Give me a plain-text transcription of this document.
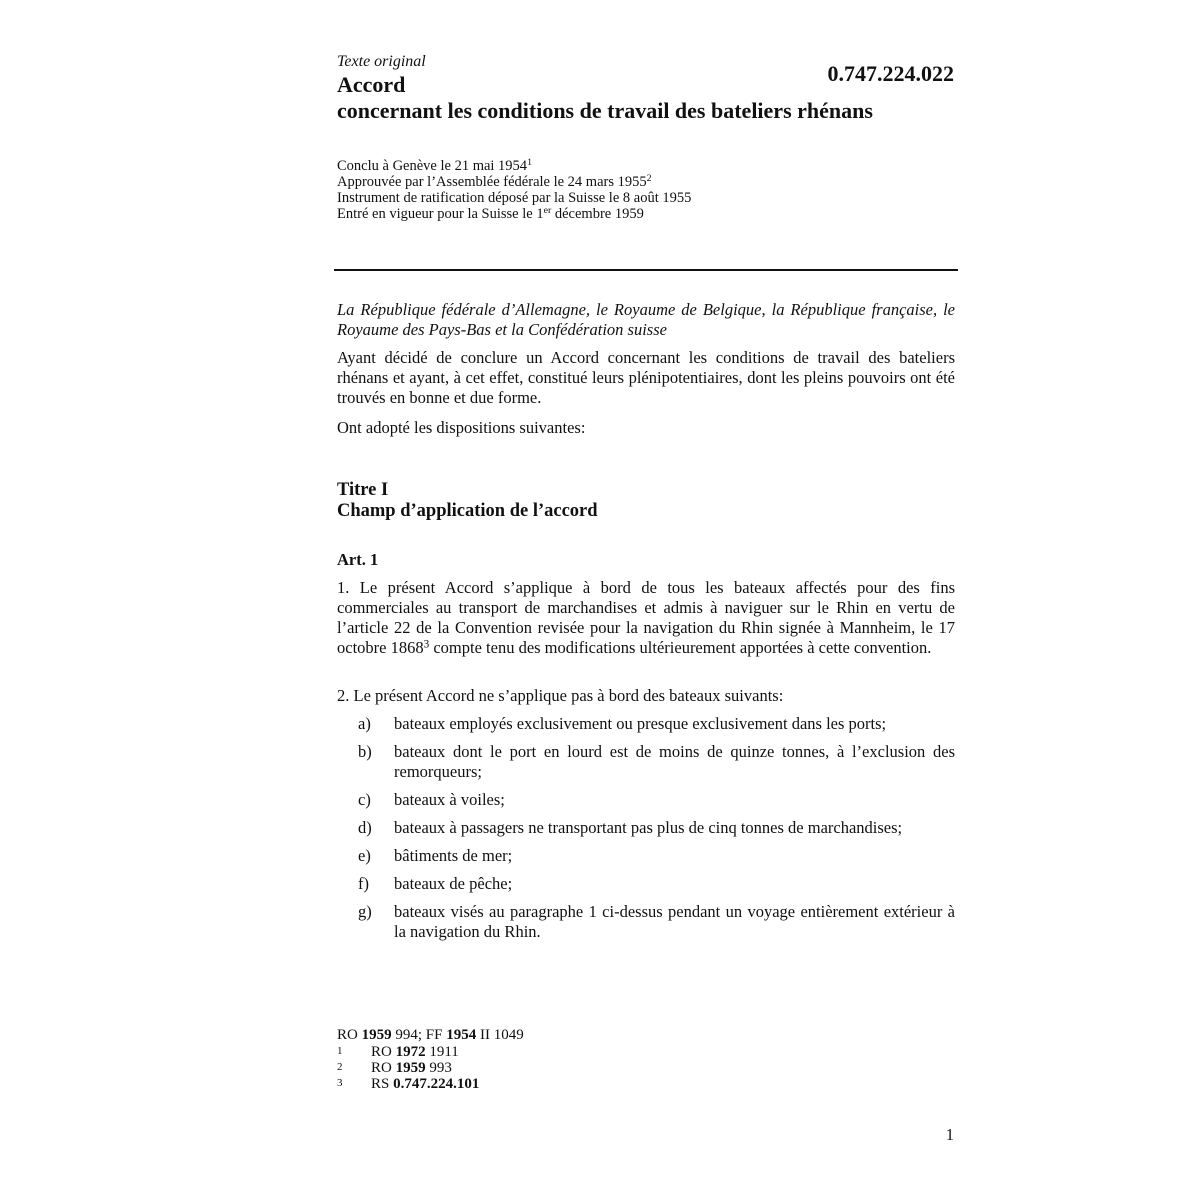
Texte original	0.747.224.022
Accord
concernant les conditions de travail des bateliers rhénans
Conclu à Genève le 21 mai 1954$^1$
Approuvée par l’Assemblée fédérale le 24 mars 1955$^2$
Instrument de ratification déposé par la Suisse le 8 août 1955
Entré en vigueur pour la Suisse le 1er décembre 1959
La République fédérale d’Allemagne, le Royaume de Belgique, la République française, le Royaume des Pays-Bas et la Confédération suisse
Ayant décidé de conclure un Accord concernant les conditions de travail des bateliers rhénans et ayant, à cet effet, constitué leurs plénipotentiaires, dont les pleins pouvoirs ont été trouvés en bonne et due forme.
Ont adopté les dispositions suivantes:
Titre I
Champ d’application de l’accord
Art. 1
1. Le présent Accord s’applique à bord de tous les bateaux affectés pour des fins commerciales au transport de marchandises et admis à naviguer sur le Rhin en vertu de l’article 22 de la Convention revisée pour la navigation du Rhin signée à Mannheim, le 17 octobre 1868$^3$ compte tenu des modifications ultérieurement apportées à cette convention.
2. Le présent Accord ne s’applique pas à bord des bateaux suivants:
a) bateaux employés exclusivement ou presque exclusivement dans les ports;
b) bateaux dont le port en lourd est de moins de quinze tonnes, à l’exclusion des remorqueurs;
c) bateaux à voiles;
d) bateaux à passagers ne transportant pas plus de cinq tonnes de marchandises;
e) bâtiments de mer;
f) bateaux de pêche;
g) bateaux visés au paragraphe 1 ci-dessus pendant un voyage entièrement extérieur à la navigation du Rhin.
RO 1959 994; FF 1954 II 1049
1 RO 1972 1911
2 RO 1959 993
3 RS 0.747.224.101
1
